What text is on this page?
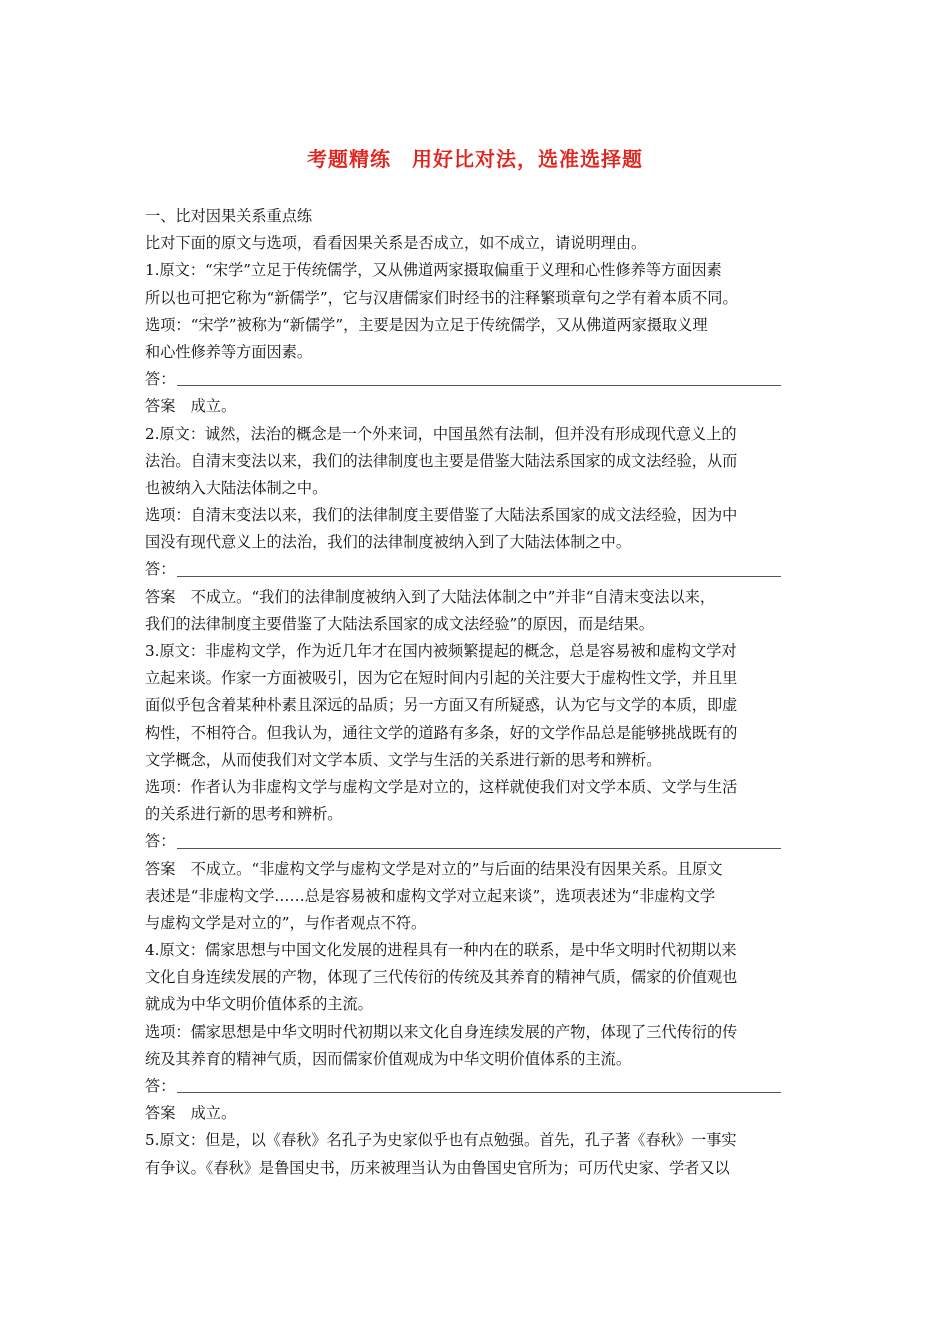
考题精练　用好比对法，选准选择题
一、比对因果关系重点练
比对下面的原文与选项，看看因果关系是否成立，如不成立，请说明理由。
1.原文：“宋学”立足于传统儒学，又从佛道两家摄取偏重于义理和心性修养等方面因素
所以也可把它称为“新儒学”，它与汉唐儒家们时经书的注释繁琐章句之学有着本质不同。
选项：“宋学”被称为“新儒学”，主要是因为立足于传统儒学，又从佛道两家摄取义理
和心性修养等方面因素。
答：
答案　成立。
2.原文：诚然，法治的概念是一个外来词，中国虽然有法制，但并没有形成现代意义上的
法治。自清末变法以来，我们的法律制度也主要是借鉴大陆法系国家的成文法经验，从而
也被纳入大陆法体制之中。
选项：自清末变法以来，我们的法律制度主要借鉴了大陆法系国家的成文法经验，因为中
国没有现代意义上的法治，我们的法律制度被纳入到了大陆法体制之中。
答：
答案　不成立。“我们的法律制度被纳入到了大陆法体制之中”并非“自清末变法以来，
我们的法律制度主要借鉴了大陆法系国家的成文法经验”的原因，而是结果。
3.原文：非虚构文学，作为近几年才在国内被频繁提起的概念，总是容易被和虚构文学对
立起来谈。作家一方面被吸引，因为它在短时间内引起的关注要大于虚构性文学，并且里
面似乎包含着某种朴素且深远的品质；另一方面又有所疑惑，认为它与文学的本质，即虚
构性，不相符合。但我认为，通往文学的道路有多条，好的文学作品总是能够挑战既有的
文学概念，从而使我们对文学本质、文学与生活的关系进行新的思考和辨析。
选项：作者认为非虚构文学与虚构文学是对立的，这样就使我们对文学本质、文学与生活
的关系进行新的思考和辨析。
答：
答案　不成立。“非虚构文学与虚构文学是对立的”与后面的结果没有因果关系。且原文
表述是“非虚构文学……总是容易被和虚构文学对立起来谈”，选项表述为“非虚构文学
与虚构文学是对立的”，与作者观点不符。
4.原文：儒家思想与中国文化发展的进程具有一种内在的联系，是中华文明时代初期以来
文化自身连续发展的产物，体现了三代传衍的传统及其养育的精神气质，儒家的价值观也
就成为中华文明价值体系的主流。
选项：儒家思想是中华文明时代初期以来文化自身连续发展的产物，体现了三代传衍的传
统及其养育的精神气质，因而儒家价值观成为中华文明价值体系的主流。
答：
答案　成立。
5.原文：但是，以《春秋》名孔子为史家似乎也有点勉强。首先，孔子著《春秋》一事实
有争议。《春秋》是鲁国史书，历来被理当认为由鲁国史官所为；可历代史家、学者又以
